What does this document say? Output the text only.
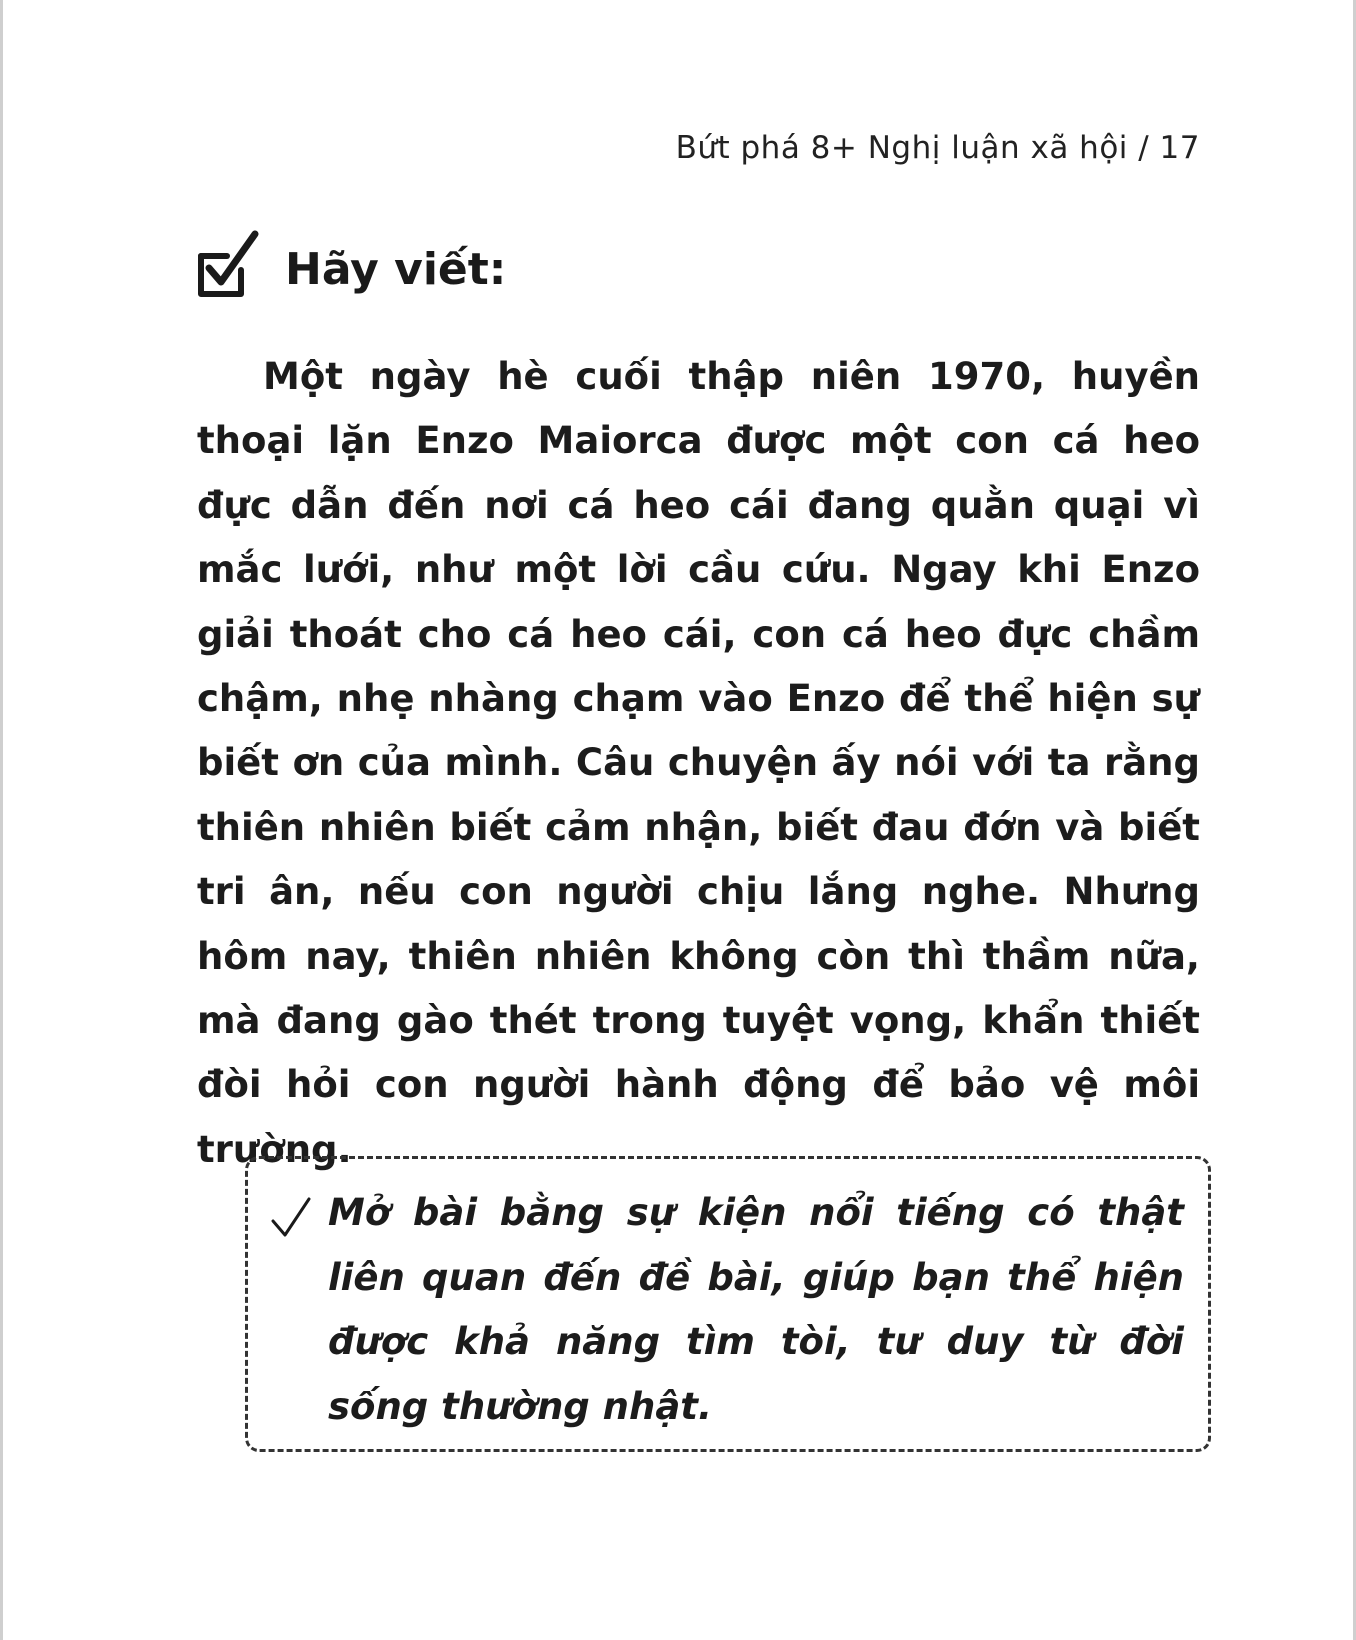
Bứt phá 8+ Nghị luận xã hội / 17
Hãy viết:

Một ngày hè cuối thập niên 1970, huyền thoại lặn Enzo Maiorca được một con cá heo đực dẫn đến nơi cá heo cái đang quằn quại vì mắc lưới, như một lời cầu cứu. Ngay khi Enzo giải thoát cho cá heo cái, con cá heo đực chầm chậm, nhẹ nhàng chạm vào Enzo để thể hiện sự biết ơn của mình. Câu chuyện ấy nói với ta rằng thiên nhiên biết cảm nhận, biết đau đớn và biết tri ân, nếu con người chịu lắng nghe. Nhưng hôm nay, thiên nhiên không còn thì thầm nữa, mà đang gào thét trong tuyệt vọng, khẩn thiết đòi hỏi con người hành động để bảo vệ môi trường.

Mở bài bằng sự kiện nổi tiếng có thật liên quan đến đề bài, giúp bạn thể hiện được khả năng tìm tòi, tư duy từ đời sống thường nhật.
